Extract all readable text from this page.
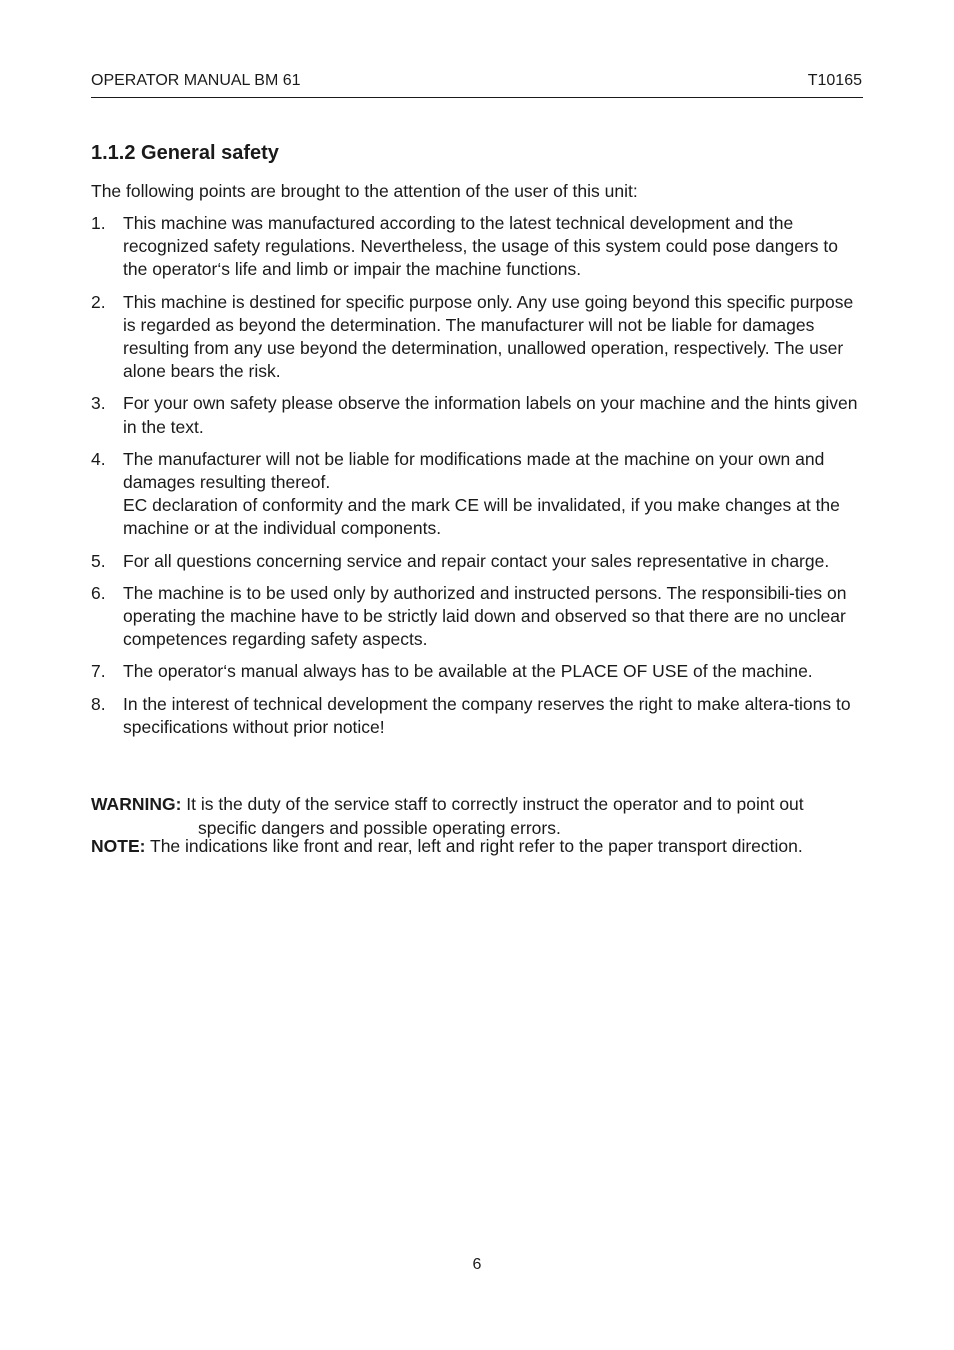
OPERATOR MANUAL BM 61	T10165
1.1.2 General safety

The following points are brought to the attention of the user of this unit:

1. This machine was manufactured according to the latest technical development and the recognized safety regulations. Nevertheless, the usage of this system could pose dangers to the operator‘s life and limb or impair the machine functions.
2. This machine is destined for specific purpose only. Any use going beyond this specific purpose is regarded as beyond the determination. The manufacturer will not be liable for damages resulting from any use beyond the determination, unallowed operation, respectively. The user alone bears the risk.
3. For your own safety please observe the information labels on your machine and the hints given in the text.
4. The manufacturer will not be liable for modifications made at the machine on your own and damages resulting thereof.
EC declaration of conformity and the mark CE will be invalidated, if you make changes at the machine or at the individual components.
5. For all questions concerning service and repair contact your sales representative in charge.
6. The machine is to be used only by authorized and instructed persons. The responsibili-ties on operating the machine have to be strictly laid down and observed so that there are no unclear competences regarding safety aspects.
7. The operator‘s manual always has to be available at the PLACE OF USE of the machine.
8. In the interest of technical development the company reserves the right to make altera-tions to specifications without prior notice!

WARNING: It is the duty of the service staff to correctly instruct the operator and to point out specific dangers and possible operating errors.

NOTE: The indications like front and rear, left and right refer to the paper transport direction.

6
